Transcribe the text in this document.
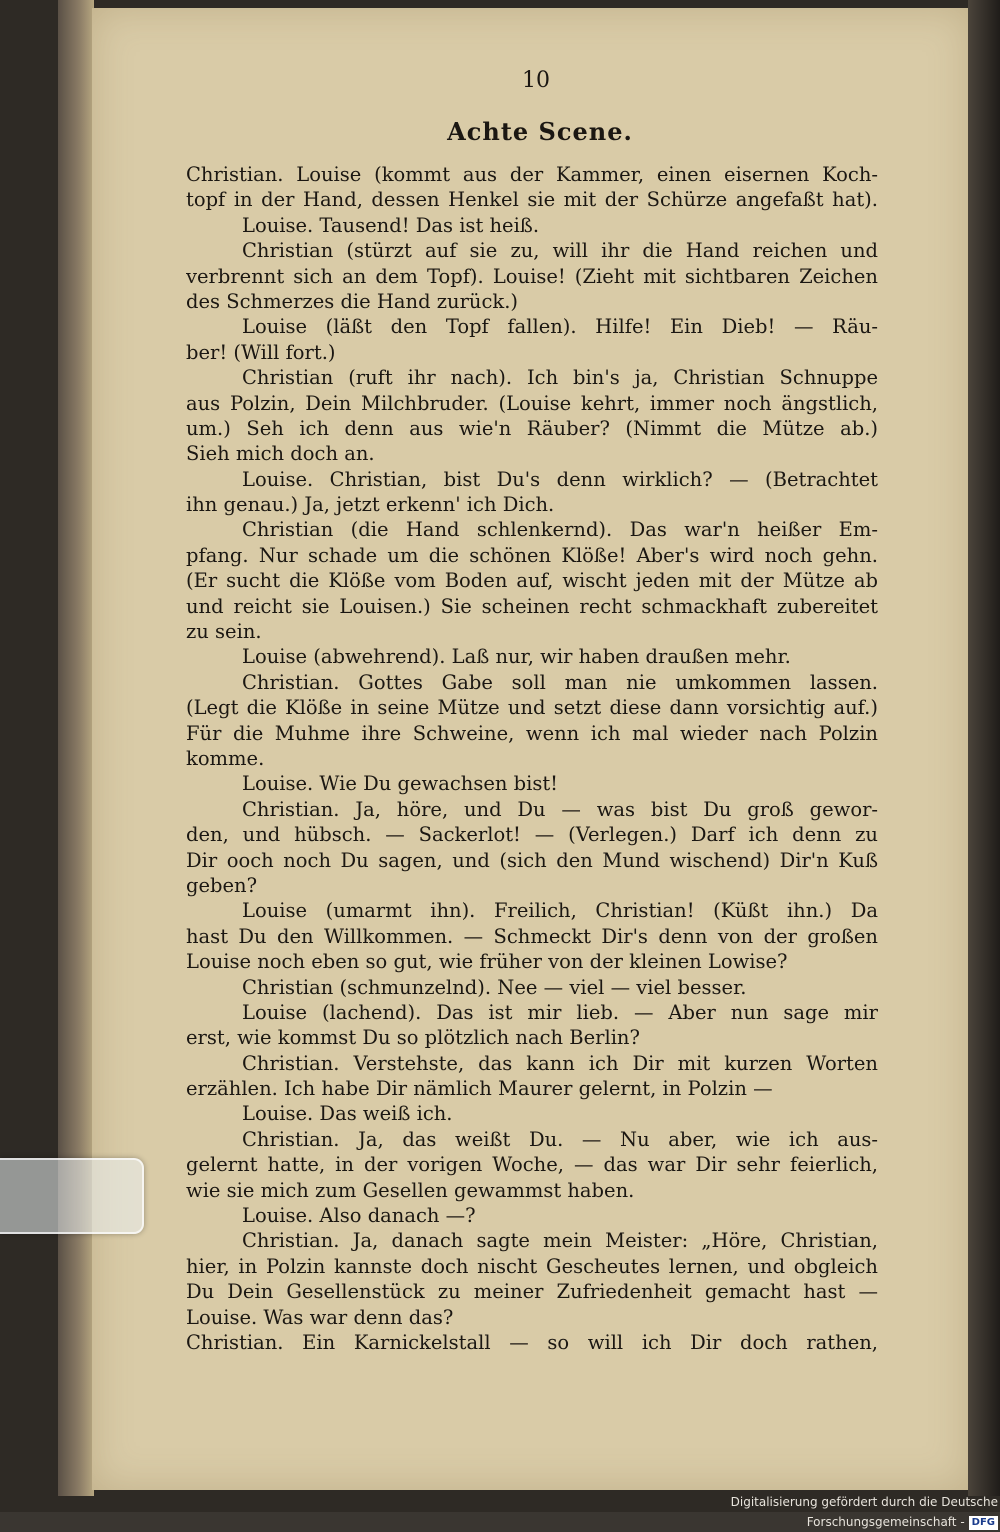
10
Achte Scene.
Christian. Louise (kommt aus der Kammer, einen eisernen Koch-
topf in der Hand, dessen Henkel sie mit der Schürze angefaßt hat).
Louise. Tausend! Das ist heiß.
Christian (stürzt auf sie zu, will ihr die Hand reichen und
verbrennt sich an dem Topf). Louise! (Zieht mit sichtbaren Zeichen
des Schmerzes die Hand zurück.)
Louise (läßt den Topf fallen). Hilfe! Ein Dieb! — Räu-
ber! (Will fort.)
Christian (ruft ihr nach). Ich bin's ja, Christian Schnuppe
aus Polzin, Dein Milchbruder. (Louise kehrt, immer noch ängstlich,
um.) Seh ich denn aus wie'n Räuber? (Nimmt die Mütze ab.)
Sieh mich doch an.
Louise. Christian, bist Du's denn wirklich? — (Betrachtet
ihn genau.) Ja, jetzt erkenn' ich Dich.
Christian (die Hand schlenkernd). Das war'n heißer Em-
pfang. Nur schade um die schönen Klöße! Aber's wird noch gehn.
(Er sucht die Klöße vom Boden auf, wischt jeden mit der Mütze ab
und reicht sie Louisen.) Sie scheinen recht schmackhaft zubereitet
zu sein.
Louise (abwehrend). Laß nur, wir haben draußen mehr.
Christian. Gottes Gabe soll man nie umkommen lassen.
(Legt die Klöße in seine Mütze und setzt diese dann vorsichtig auf.)
Für die Muhme ihre Schweine, wenn ich mal wieder nach Polzin
komme.
Louise. Wie Du gewachsen bist!
Christian. Ja, höre, und Du — was bist Du groß gewor-
den, und hübsch. — Sackerlot! — (Verlegen.) Darf ich denn zu
Dir ooch noch Du sagen, und (sich den Mund wischend) Dir'n Kuß
geben?
Louise (umarmt ihn). Freilich, Christian! (Küßt ihn.) Da
hast Du den Willkommen. — Schmeckt Dir's denn von der großen
Louise noch eben so gut, wie früher von der kleinen Lowise?
Christian (schmunzelnd). Nee — viel — viel besser.
Louise (lachend). Das ist mir lieb. — Aber nun sage mir
erst, wie kommst Du so plötzlich nach Berlin?
Christian. Verstehste, das kann ich Dir mit kurzen Worten
erzählen. Ich habe Dir nämlich Maurer gelernt, in Polzin —
Louise. Das weiß ich.
Christian. Ja, das weißt Du. — Nu aber, wie ich aus-
gelernt hatte, in der vorigen Woche, — das war Dir sehr feierlich,
wie sie mich zum Gesellen gewammst haben.
Louise. Also danach —?
Christian. Ja, danach sagte mein Meister: „Höre, Christian,
hier, in Polzin kannste doch nischt Gescheutes lernen, und obgleich
Du Dein Gesellenstück zu meiner Zufriedenheit gemacht hast —
Louise. Was war denn das?
Christian. Ein Karnickelstall — so will ich Dir doch rathen,
Digitalisierung gefördert durch die Deutsche Forschungsgemeinschaft - DFG
